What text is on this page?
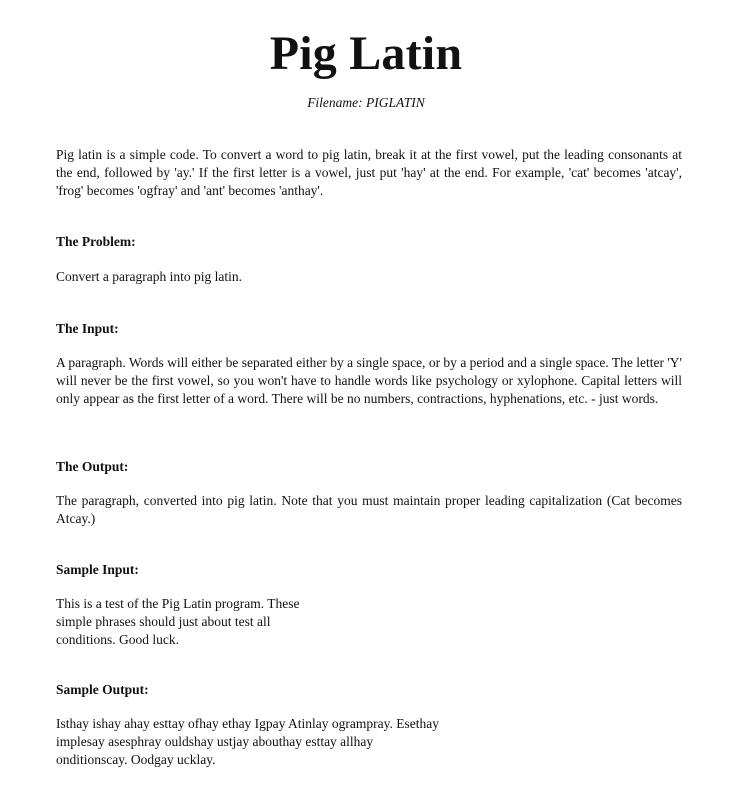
Pig Latin
Filename: PIGLATIN

Pig latin is a simple code. To convert a word to pig latin, break it at the first vowel, put the leading consonants at the end, followed by 'ay.' If the first letter is a vowel, just put 'hay' at the end. For example, 'cat' becomes 'atcay', 'frog' becomes 'ogfray' and 'ant' becomes 'anthay'.

The Problem:

Convert a paragraph into pig latin.

The Input:

A paragraph. Words will either be separated either by a single space, or by a period and a single space. The letter 'Y' will never be the first vowel, so you won't have to handle words like psychology or xylophone. Capital letters will only appear as the first letter of a word. There will be no numbers, contractions, hyphenations, etc. - just words.

The Output:

The paragraph, converted into pig latin. Note that you must maintain proper leading capitalization (Cat becomes Atcay.)

Sample Input:
This is a test of the Pig Latin program. These
simple phrases should just about test all
conditions. Good luck.
Sample Output:
Isthay ishay ahay esttay ofhay ethay Igpay Atinlay ogrampray. Esethay
implesay asesphray ouldshay ustjay abouthay esttay allhay
onditionscay. Oodgay ucklay.
